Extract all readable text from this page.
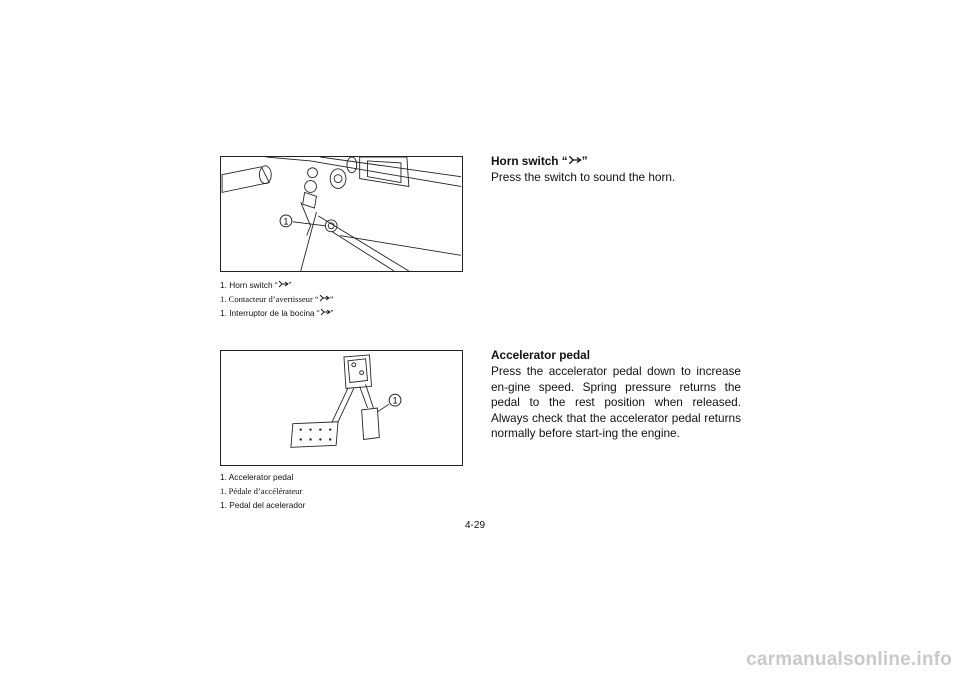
1
1. Horn switch “ ”
1. Contacteur d’avertisseur “ ”
1. Interruptor de la bocina “ ”
1
1. Accelerator pedal
1. Pédale d’accélérateur
1. Pedal del acelerador
Horn switch “ ”
Press the switch to sound the horn.
Accelerator pedal
Press the accelerator pedal down to increase en-gine speed. Spring pressure returns the pedal to the rest position when released. Always check that the accelerator pedal returns normally before start-ing the engine.
4-29
carmanualsonline.info
